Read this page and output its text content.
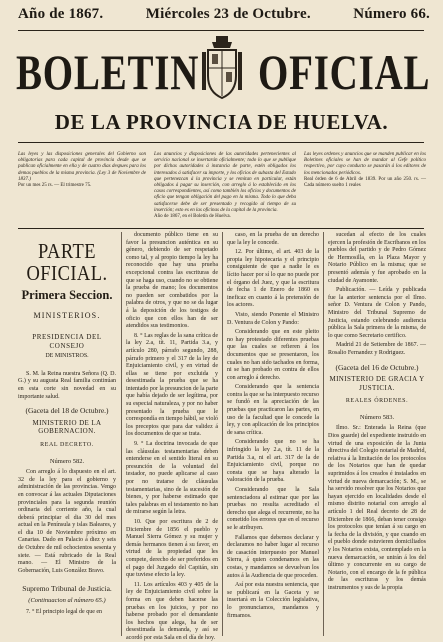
Año de 1867.	Miércoles 23 de Octubre.	Número 66.
BOLETIN OFICIAL
DE LA PROVINCIA DE HUELVA.
Las leyes y las disposiciones generales del Gobierno son obligatorias para cada capital de provincia desde que se publican oficialmente en ella y de cuatro dias despues para los demas pueblos de la misma provincia. (Ley 3 de Noviembre de 1837.)
Por un mes 25 rs. — El trimestre 75.
Los anuncios y disposiciones de las autoridades pertenecientes al servicio nacional se insertarán oficialmente; todo lo que se publique por dichas autoridades á instancia de parte, estén obligados los interesados á satisfacer su importe, y los oficios de subasta del Estado que pertenezcan á la provincia y se remitan en particular, están obligados á pagar su inserción, con arreglo á lo establecido en los casos correspondientes, así como también los oficios y documentos de oficio que tengan obligación del pago en la misma. Todo lo que deba satisfacerse debe de ser presentado y recogido al tiempo de su inserción; esto es en las oficinas de la capital de la provincia.
Año de 1867, en el Boletín de Huelva.
Las leyes ordenes y anuncios que se manden publicar en los Boletines oficiales se han de mandar al Gefe político respectivo, por cuyo conducto se pasarán á los editores de los mencionados periódicos.
Real órden de 6 de Abril de 1839. Por un año 250. rs. — Cada número suelto 1 reales
PARTE OFICIAL.
Primera Seccion.
MINISTERIOS.
PRESIDENCIA DEL CONSEJO
DE MINISTROS.

S. M. la Reina nuestra Señora (Q. D. G.) y su augusta Real familia continúan en esta corte sin novedad en su importante salud.

(Gaceta del 18 de Octubre.)
MINISTERIO DE LA GOBERNACION.
REAL DECRETO.
Número 582.

Con arreglo á lo dispuesto en el art. 32 de la ley para el gobierno y administración de las provincias. Vengo en convocar á las actuales Diputaciones provinciales para la segunda reunión ordinaria del corriente año, la cual deberá principiar el dia 30 del mes actual en la Península y islas Baleares, y el dia 10 de Noviembre próximo en Canarias. Dado en Palacio á diez y seis de Octubre de mil ochocientos sesenta y siete. — Está rubricado de la Real mano. — El Ministro de la Gobernación, Luis González Bravo.

Supremo Tribunal de Justicia.
(Continuacion al número 65.)

7. ° El principio legal de que en

documento público tiene en su favor la presuncion auténtica en su género, debiendo de ser respetado como tal, y al propio tiempo la ley ha reconocido que hay una prueba excepcional contra las escrituras de que se haga uso, cuando no se obtiene la prueba de mano; los documentos no pueden ser combatidos por la palabra de otros, y que no se da lugar á la deposición de los testigos de oficio que con ellos han de ser atendidos sus testimonios.

8. ° Las reglas de la sana crítica de la ley 2.a, tít. 11, Partida 3.a, y artículo 280, párrafo segundo, 288, párrafo primero y el 317 de la ley de Enjuiciamiento civil, y en virtud de ellas se tiene por excluida y desestimada la prueba que se ha intentado por la presuncion de la parte que había dejado de ser legítima, por su especial naturaleza, y por no haber presentado la prueba que le correspondía en tiempo hábil, se violó los preceptos que para dar validez á los documentos de que se trata.

9. ° La doctrina invocada de que las cláusulas testamentarias deben entenderse en el sentido literal en su presunción de la voluntad del testador, no puede aplicarse al caso por no tratarse de cláusulas testamentarias, sino de la sucesión de bienes, y por haberse estimado que tales palabras en el testamento no han de mirarse según la letra.

10. Que por escritura de 2 de Diciembre de 1856 el pueblo y Manuel Sierra Gómez y su mujer y demás hermanos tienen á su favor, en virtud de la propiedad que les compete, derecho de ser preferidos en el pago del Juzgado del Capitán, sin que tuviese efecto la ley.

11. Los artículos 403 y 405 de la ley de Enjuiciamiento civil sobre la forma en que deben hacerse las pruebas en los juicios, y por no haberse probado por el demandante los hechos que alega, ha de ser desestimada la demanda, y así se acordó por esta Sala en el día de hoy.

caso, en la prueba de un derecho que la ley le concede.

12. Por último, el art. 403 de la propia ley hipotecaria y el principio consiguiente de que a nadie le es lícito hacer por sí lo que no puede por el órgano del Juez, y que la escritura de fecha 1 de Enero de 1860 es ineficaz en cuanto á la pretensión de los actores.

Visto, siendo Ponente el Ministro D. Ventura de Colon y Pando:

Considerando que en este pleito no hay protestado diferentes pruebas que las cuales se refieren á los documentos que se presentaron, los cuales no han sido tachados en forma, ni se han probado en contra de ellos con arreglo á derecho.

Considerando que la sentencia contra la que se ha interpuesto recurso se fundó en la apreciación de las pruebas que practicaron las partes, en uso de la facultad que le concede la ley, y con aplicación de los principios de sana crítica.

Considerando que no se ha infringido la ley 2.a, tít. 11 de la Partida 3.a, ni el art. 317 de la de Enjuiciamiento civil, porque no consta que se haya alterado la valoración de la prueba.

Considerando que la Sala sentenciadora al estimar que por las pruebas no resulta acreditado el derecho que alega el recurrente, no ha cometido los errores que en el recurso se le atribuyen.

Fallamos que debemos declarar y declaramos no haber lugar al recurso de casación interpuesto por Manuel Sierra, á quien condenamos en las costas, y mandamos se devuelvan los autos á la Audiencia de que proceden.

Así por esta nuestra sentencia, que se publicará en la Gaceta y se insertará en la Colección legislativa, lo pronunciamos, mandamos y firmamos.

sucedan al efecto de los cuales ejercen la profesión de Escribanos en los pueblos del partido y de Pedro Gómez de Hermosilla, en la Plaza Mayor y Notario Público en la misma; que se presentó además y fue aprobado en la ciudad de Ayamonte.

Publicación. — Leída y publicada fue la anterior sentencia por el Ilmo. señor D. Ventura de Colon y Pando, Ministro del Tribunal Supremo de Justicia, estando celebrando audiencia pública la Sala primera de la misma, de lo que como Secretario certifico.

Madrid 21 de Setiembre de 1867. — Rosalio Fernandez y Rodriguez.

(Gaceta del 16 de Octubre.)
MINISTERIO DE GRACIA Y JUSTICIA.
REALES ÓRDENES.
Número 583.

Ilmo. Sr.: Enterada la Reina (que Dios guarde) del expediente instruido en virtud de una exposición de la Junta directiva del Colegio notarial de Madrid, relativa á la limitación de los protocolos de los Notarios que han de quedar suprimidos á los creados é instalados en virtud de nueva demarcación; S. M., se ha servido resolver que los Notarios que hayan ejercido en localidades desde el mismo distrito notarial con arreglo al artículo 1 del Real decreto de 28 de Diciembre de 1866, deban tener consigo los protocolos que tenían á su cargo en la fecha de la división, y que cuando en el pueblo donde estuvieren domiciliados y los Notarios exista, contemplado en la nueva demarcación, se unirán á los del último y concurrente en su cargo de Notario, con el encargo de la fe pública de las escrituras y los demás instrumentos y sus de la propia
